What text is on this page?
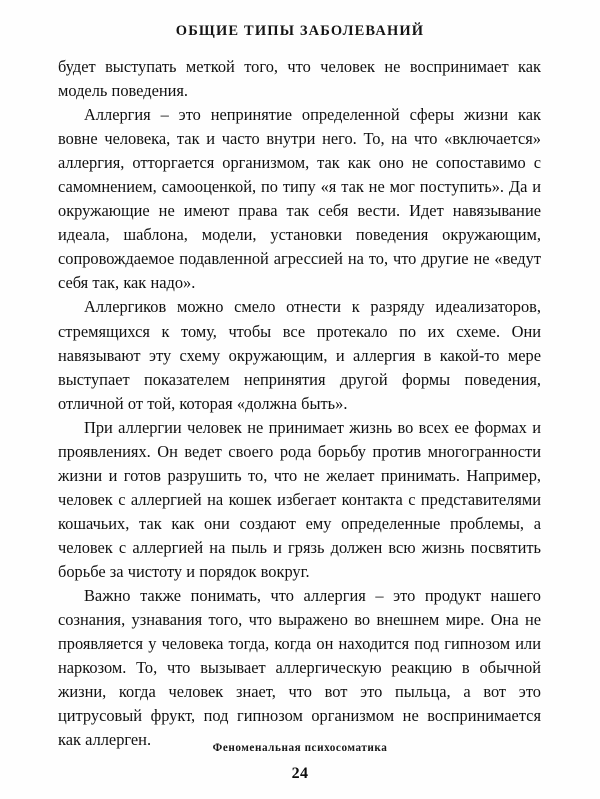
ОБЩИЕ ТИПЫ ЗАБОЛЕВАНИЙ

будет выступать меткой того, что человек не воспринимает как модель поведения.

Аллергия – это непринятие определенной сферы жизни как вовне человека, так и часто внутри него. То, на что «включается» аллергия, отторгается организмом, так как оно не сопоставимо с самомнением, самооценкой, по типу «я так не мог поступить». Да и окружающие не имеют права так себя вести. Идет навязывание идеала, шаблона, модели, установки поведения окружающим, сопровождаемое подавленной агрессией на то, что другие не «ведут себя так, как надо».

Аллергиков можно смело отнести к разряду идеализаторов, стремящихся к тому, чтобы все протекало по их схеме. Они навязывают эту схему окружающим, и аллергия в какой-то мере выступает показателем непринятия другой формы поведения, отличной от той, которая «должна быть».

При аллергии человек не принимает жизнь во всех ее формах и проявлениях. Он ведет своего рода борьбу против многогранности жизни и готов разрушить то, что не желает принимать. Например, человек с аллергией на кошек избегает контакта с представителями кошачьих, так как они создают ему определенные проблемы, а человек с аллергией на пыль и грязь должен всю жизнь посвятить борьбе за чистоту и порядок вокруг.

Важно также понимать, что аллергия – это продукт нашего сознания, узнавания того, что выражено во внешнем мире. Она не проявляется у человека тогда, когда он находится под гипнозом или наркозом. То, что вызывает аллергическую реакцию в обычной жизни, когда человек знает, что вот это пыльца, а вот это цитрусовый фрукт, под гипнозом организмом не воспринимается как аллерген.	Феноменальная психосоматика
24
